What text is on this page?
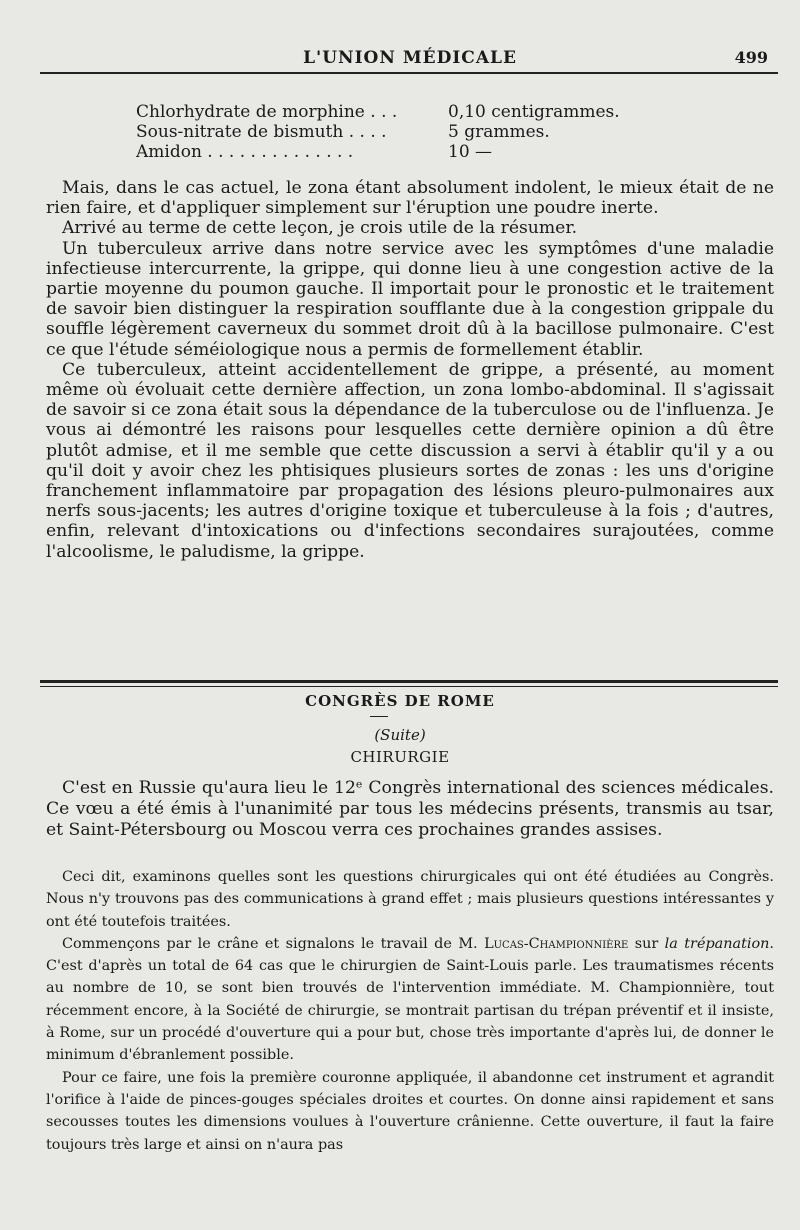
L'UNION MÉDICALE	499
Chlorhydrate de morphine . . .	0,10 centigrammes.
Sous-nitrate de bismuth . . . .	5 grammes.
Amidon . . . . . . . . . . . . . .	10 —

Mais, dans le cas actuel, le zona étant absolument indolent, le mieux était de ne rien faire, et d'appliquer simplement sur l'éruption une poudre inerte.

Arrivé au terme de cette leçon, je crois utile de la résumer.

Un tuberculeux arrive dans notre service avec les symptômes d'une maladie infectieuse intercurrente, la grippe, qui donne lieu à une congestion active de la partie moyenne du poumon gauche. Il importait pour le pronostic et le traitement de savoir bien distinguer la respiration soufflante due à la congestion grippale du souffle légèrement caverneux du sommet droit dû à la bacillose pulmonaire. C'est ce que l'étude séméiologique nous a permis de formellement établir.

Ce tuberculeux, atteint accidentellement de grippe, a présenté, au moment même où évoluait cette dernière affection, un zona lombo-abdominal. Il s'agissait de savoir si ce zona était sous la dépendance de la tuberculose ou de l'influenza. Je vous ai démontré les raisons pour lesquelles cette dernière opinion a dû être plutôt admise, et il me semble que cette discussion a servi à établir qu'il y a ou qu'il doit y avoir chez les phtisiques plusieurs sortes de zonas : les uns d'origine franchement inflammatoire par propagation des lésions pleuro-pulmonaires aux nerfs sous-jacents; les autres d'origine toxique et tuberculeuse à la fois ; d'autres, enfin, relevant d'intoxications ou d'infections secondaires surajoutées, comme l'alcoolisme, le paludisme, la grippe.

CONGRÈS DE ROME
(Suite)
CHIRURGIE

C'est en Russie qu'aura lieu le 12ᵉ Congrès international des sciences médicales. Ce vœu a été émis à l'unanimité par tous les médecins présents, transmis au tsar, et Saint-Pétersbourg ou Moscou verra ces prochaines grandes assises.

Ceci dit, examinons quelles sont les questions chirurgicales qui ont été étudiées au Congrès. Nous n'y trouvons pas des communications à grand effet ; mais plusieurs questions intéressantes y ont été toutefois traitées.

Commençons par le crâne et signalons le travail de M. Lucas-Championnière sur la trépanation. C'est d'après un total de 64 cas que le chirurgien de Saint-Louis parle. Les traumatismes récents au nombre de 10, se sont bien trouvés de l'intervention immédiate. M. Championnière, tout récemment encore, à la Société de chirurgie, se montrait partisan du trépan préventif et il insiste, à Rome, sur un procédé d'ouverture qui a pour but, chose très importante d'après lui, de donner le minimum d'ébranlement possible.

Pour ce faire, une fois la première couronne appliquée, il abandonne cet instrument et agrandit l'orifice à l'aide de pinces-gouges spéciales droites et courtes. On donne ainsi rapidement et sans secousses toutes les dimensions voulues à l'ouverture crânienne. Cette ouverture, il faut la faire toujours très large et ainsi on n'aura pas
